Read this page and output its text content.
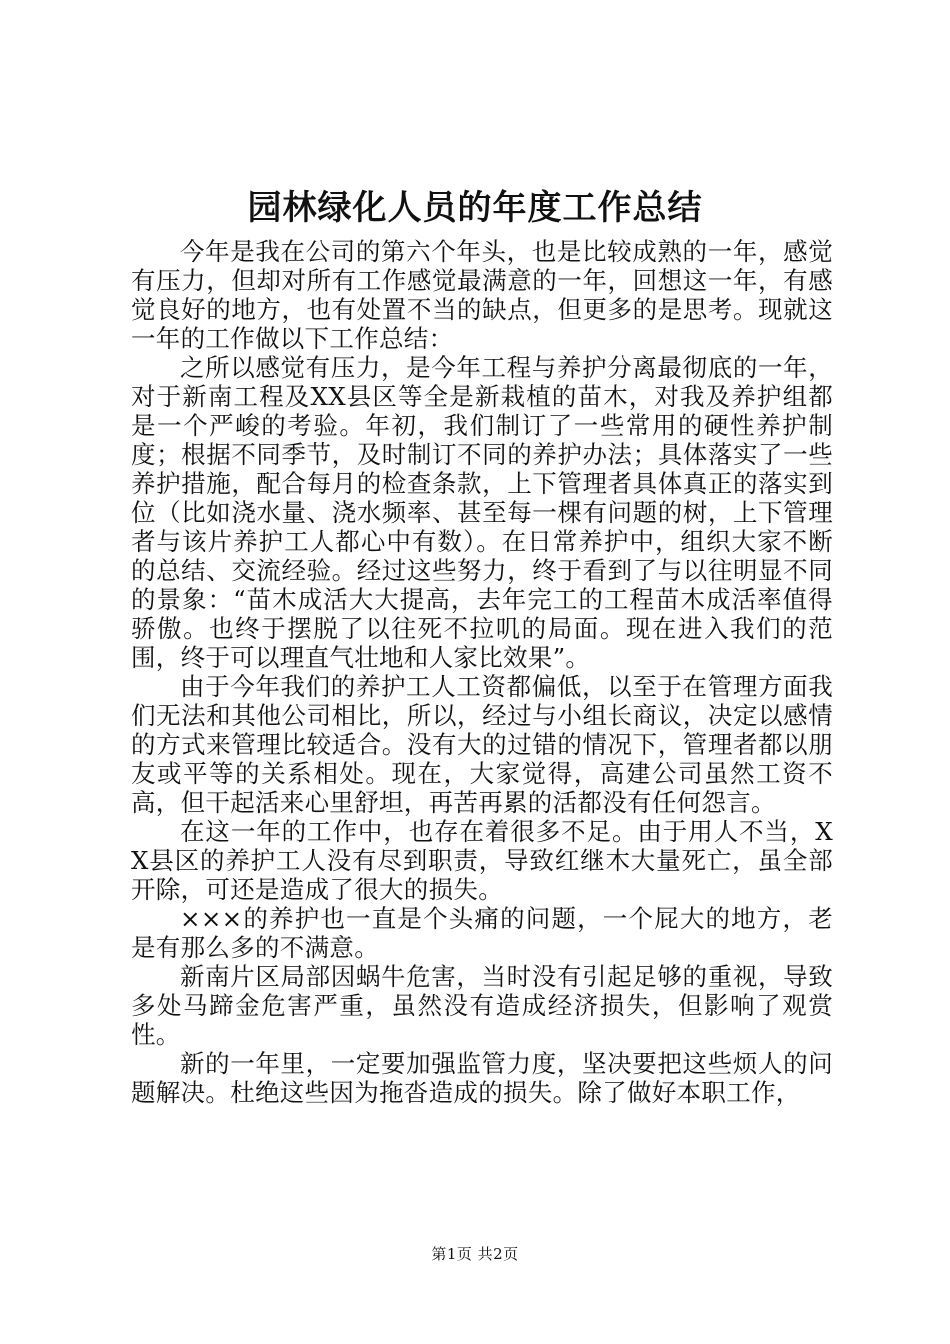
园林绿化人员的年度工作总结

今年是我在公司的第六个年头，也是比较成熟的一年，感觉有压力，但却对所有工作感觉最满意的一年，回想这一年，有感觉良好的地方，也有处置不当的缺点，但更多的是思考。现就这一年的工作做以下工作总结：

之所以感觉有压力，是今年工程与养护分离最彻底的一年，对于新南工程及XX县区等全是新栽植的苗木，对我及养护组都是一个严峻的考验。年初，我们制订了一些常用的硬性养护制度；根据不同季节，及时制订不同的养护办法；具体落实了一些养护措施，配合每月的检查条款，上下管理者具体真正的落实到位（比如浇水量、浇水频率、甚至每一棵有问题的树，上下管理者与该片养护工人都心中有数）。在日常养护中，组织大家不断的总结、交流经验。经过这些努力，终于看到了与以往明显不同的景象：“苗木成活大大提高，去年完工的工程苗木成活率值得骄傲。也终于摆脱了以往死不拉叽的局面。现在进入我们的范围，终于可以理直气壮地和人家比效果”。

由于今年我们的养护工人工资都偏低，以至于在管理方面我们无法和其他公司相比，所以，经过与小组长商议，决定以感情的方式来管理比较适合。没有大的过错的情况下，管理者都以朋友或平等的关系相处。现在，大家觉得，高建公司虽然工资不高，但干起活来心里舒坦，再苦再累的活都没有任何怨言。

在这一年的工作中，也存在着很多不足。由于用人不当，XX县区的养护工人没有尽到职责，导致红继木大量死亡，虽全部开除，可还是造成了很大的损失。

×××的养护也一直是个头痛的问题，一个屁大的地方，老是有那么多的不满意。

新南片区局部因蜗牛危害，当时没有引起足够的重视，导致多处马蹄金危害严重，虽然没有造成经济损失，但影响了观赏性。

新的一年里，一定要加强监管力度，坚决要把这些烦人的问题解决。杜绝这些因为拖沓造成的损失。除了做好本职工作，

第1页 共2页
